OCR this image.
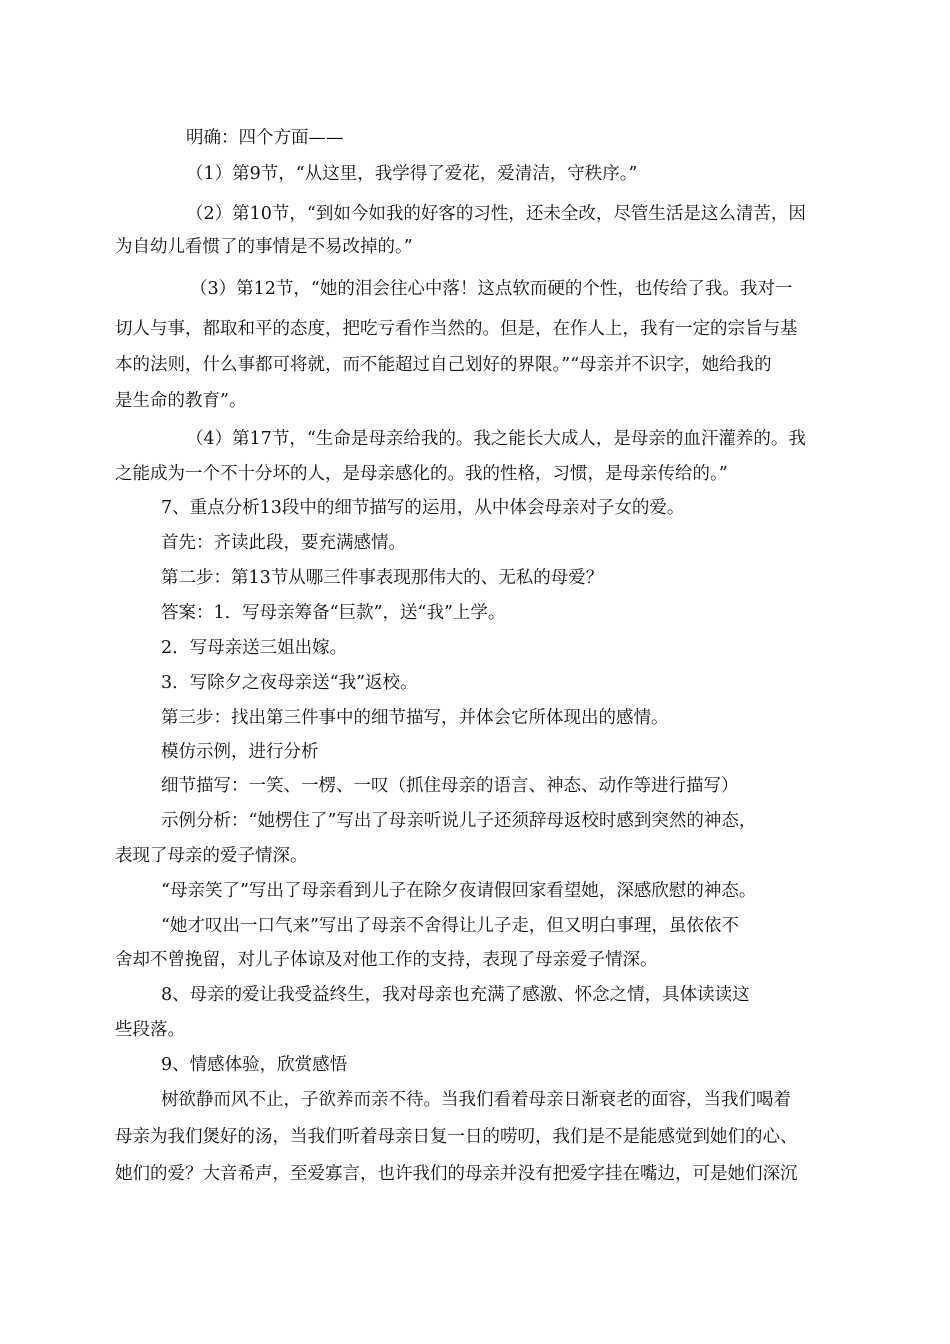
明确：四个方面——

（1）第9节，“从这里，我学得了爱花，爱清洁，守秩序。”

（2）第10节，“到如今如我的好客的习性，还未全改，尽管生活是这么清苦，因

为自幼儿看惯了的事情是不易改掉的。”

（3）第12节，“她的泪会往心中落！这点软而硬的个性，也传给了我。我对一

切人与事，都取和平的态度，把吃亏看作当然的。但是，在作人上，我有一定的宗旨与基

本的法则，什么事都可将就，而不能超过自己划好的界限。”“母亲并不识字，她给我的

是生命的教育”。

（4）第17节，“生命是母亲给我的。我之能长大成人，是母亲的血汗灌养的。我

之能成为一个不十分坏的人，是母亲感化的。我的性格，习惯，是母亲传给的。”

7、重点分析13段中的细节描写的运用，从中体会母亲对子女的爱。

首先：齐读此段，要充满感情。

第二步：第13节从哪三件事表现那伟大的、无私的母爱？

答案：1．写母亲筹备“巨款”，送“我”上学。

2．写母亲送三姐出嫁。

3．写除夕之夜母亲送“我”返校。

第三步：找出第三件事中的细节描写，并体会它所体现出的感情。

模仿示例，进行分析

细节描写：一笑、一楞、一叹（抓住母亲的语言、神态、动作等进行描写）

示例分析：“她楞住了”写出了母亲听说儿子还须辞母返校时感到突然的神态，

表现了母亲的爱子情深。

“母亲笑了”写出了母亲看到儿子在除夕夜请假回家看望她，深感欣慰的神态。

“她才叹出一口气来”写出了母亲不舍得让儿子走，但又明白事理，虽依依不

舍却不曾挽留，对儿子体谅及对他工作的支持，表现了母亲爱子情深。

8、母亲的爱让我受益终生，我对母亲也充满了感激、怀念之情，具体读读这

些段落。

9、情感体验，欣赏感悟

树欲静而风不止，子欲养而亲不待。当我们看着母亲日渐衰老的面容，当我们喝着

母亲为我们煲好的汤，当我们听着母亲日复一日的唠叨，我们是不是能感觉到她们的心、

她们的爱？大音希声，至爱寡言，也许我们的母亲并没有把爱字挂在嘴边，可是她们深沉
